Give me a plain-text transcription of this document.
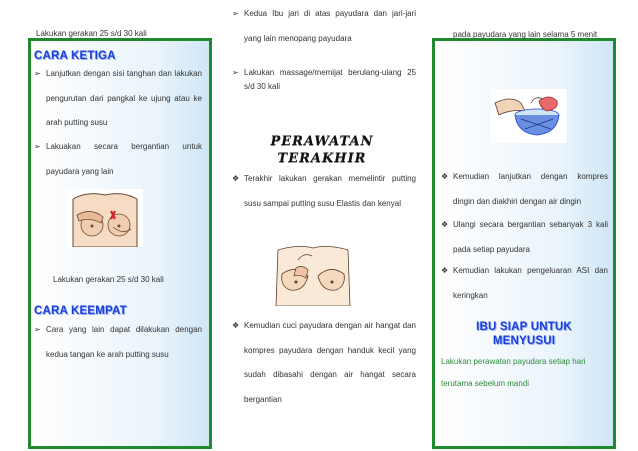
Lakukan gerakan 25 s/d 30 kali
CARA KETIGA
➢ Lanjutkan dengan sisi tanghan dan lakukan pengurutan dari pangkal ke ujung atau ke arah putting susu
➢ Lakuakan secara bergantian untuk payudara yang lain
Lakukan gerakan 25 s/d 30 kali
CARA KEEMPAT
➢ Cara yang lain dapat dilakukan dengan kedua tangan ke arah putting susu
➢ Kedua Ibu jari di atas payudara dan jari-jari yang lain menopang payudara
➢ Lakukan massage/memijat berulang-ulang 25 s/d 30 kali
PERAWATAN
TERAKHIR
❖ Terakhir lakukan gerakan memelintir putting susu sampai putting susu Elastis dan kenyal
❖ Kemudian cuci payudara dengan air hangat dan kompres payudara dengan handuk kecil yang sudah dibasahi dengan air hangat secara bergantian
pada payudara yang lain selama 5 menit
❖ Kemudian lanjutkan dengan kompres dingin dan diakhiri dengan air dingin
❖ Ulangi secara bergantian sebanyak 3 kali pada setiap payudara
❖ Kemudian lakukan pengeluaran ASI dan keringkan
IBU SIAP UNTUK
MENYUSUI
Lakukan perawatan payudara setiap hari terutama sebelum mandi
